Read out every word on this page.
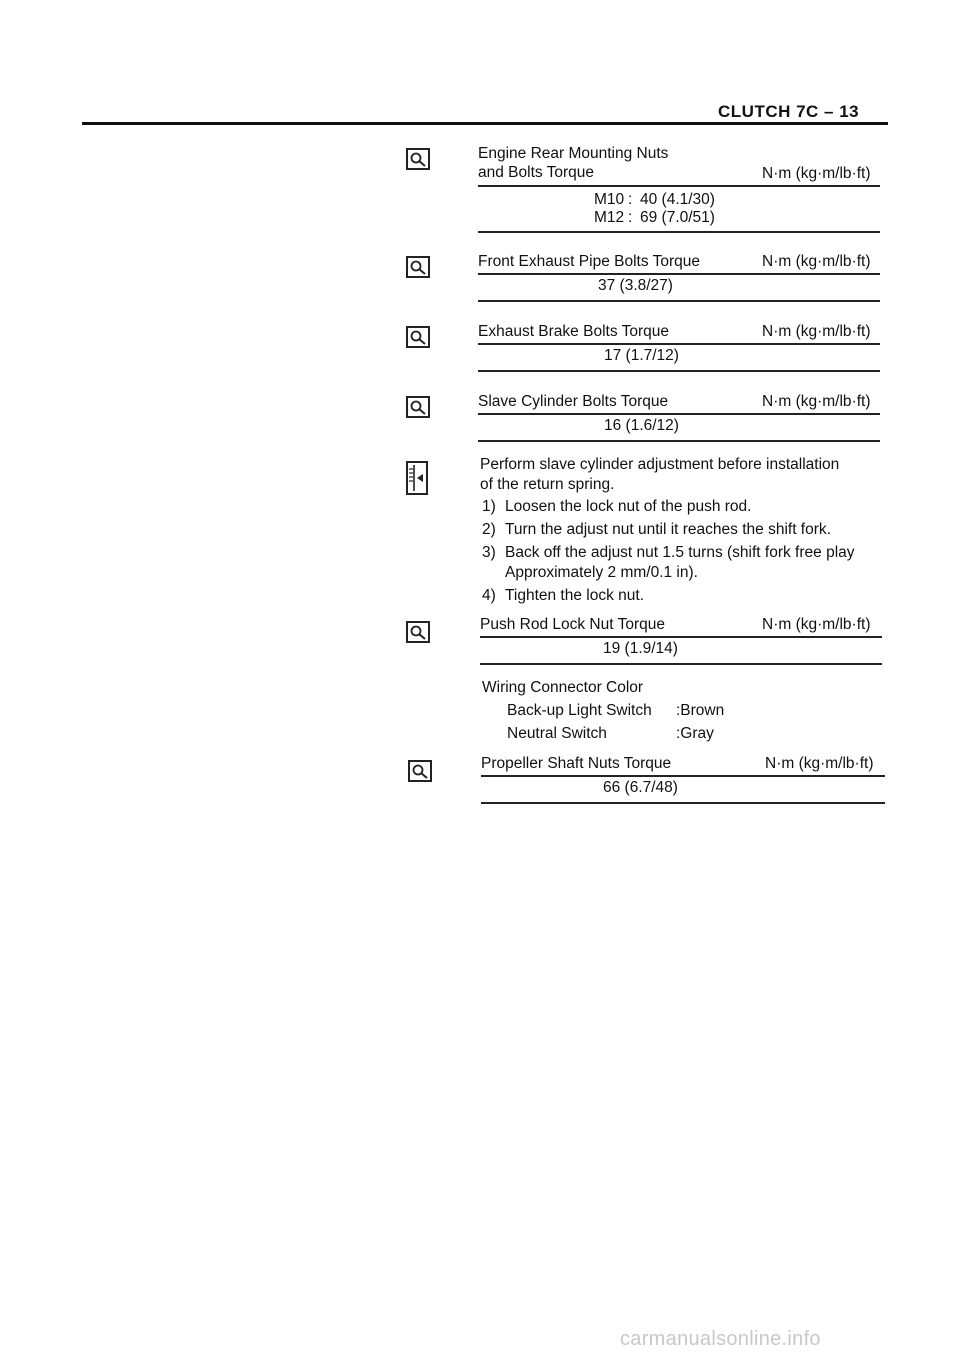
CLUTCH 7C – 13
Engine Rear Mounting Nuts
and Bolts Torque	N·m (kg·m/lb·ft)
M10 : 40 (4.1/30)
M12 : 69 (7.0/51)
Front Exhaust Pipe Bolts Torque	N·m (kg·m/lb·ft)
37 (3.8/27)
Exhaust Brake Bolts Torque	N·m (kg·m/lb·ft)
17 (1.7/12)
Slave Cylinder Bolts Torque	N·m (kg·m/lb·ft)
16 (1.6/12)
Perform slave cylinder adjustment before installation
of the return spring.
1) Loosen the lock nut of the push rod.
2) Turn the adjust nut until it reaches the shift fork.
3) Back off the adjust nut 1.5 turns (shift fork free play
Approximately 2 mm/0.1 in).
4) Tighten the lock nut.
Push Rod Lock Nut Torque	N·m (kg·m/lb·ft)
19 (1.9/14)
Wiring Connector Color
Back-up Light Switch :Brown
Neutral Switch	:Gray
Propeller Shaft Nuts Torque	N·m (kg·m/lb·ft)
66 (6.7/48)
carmanualsonline.info
